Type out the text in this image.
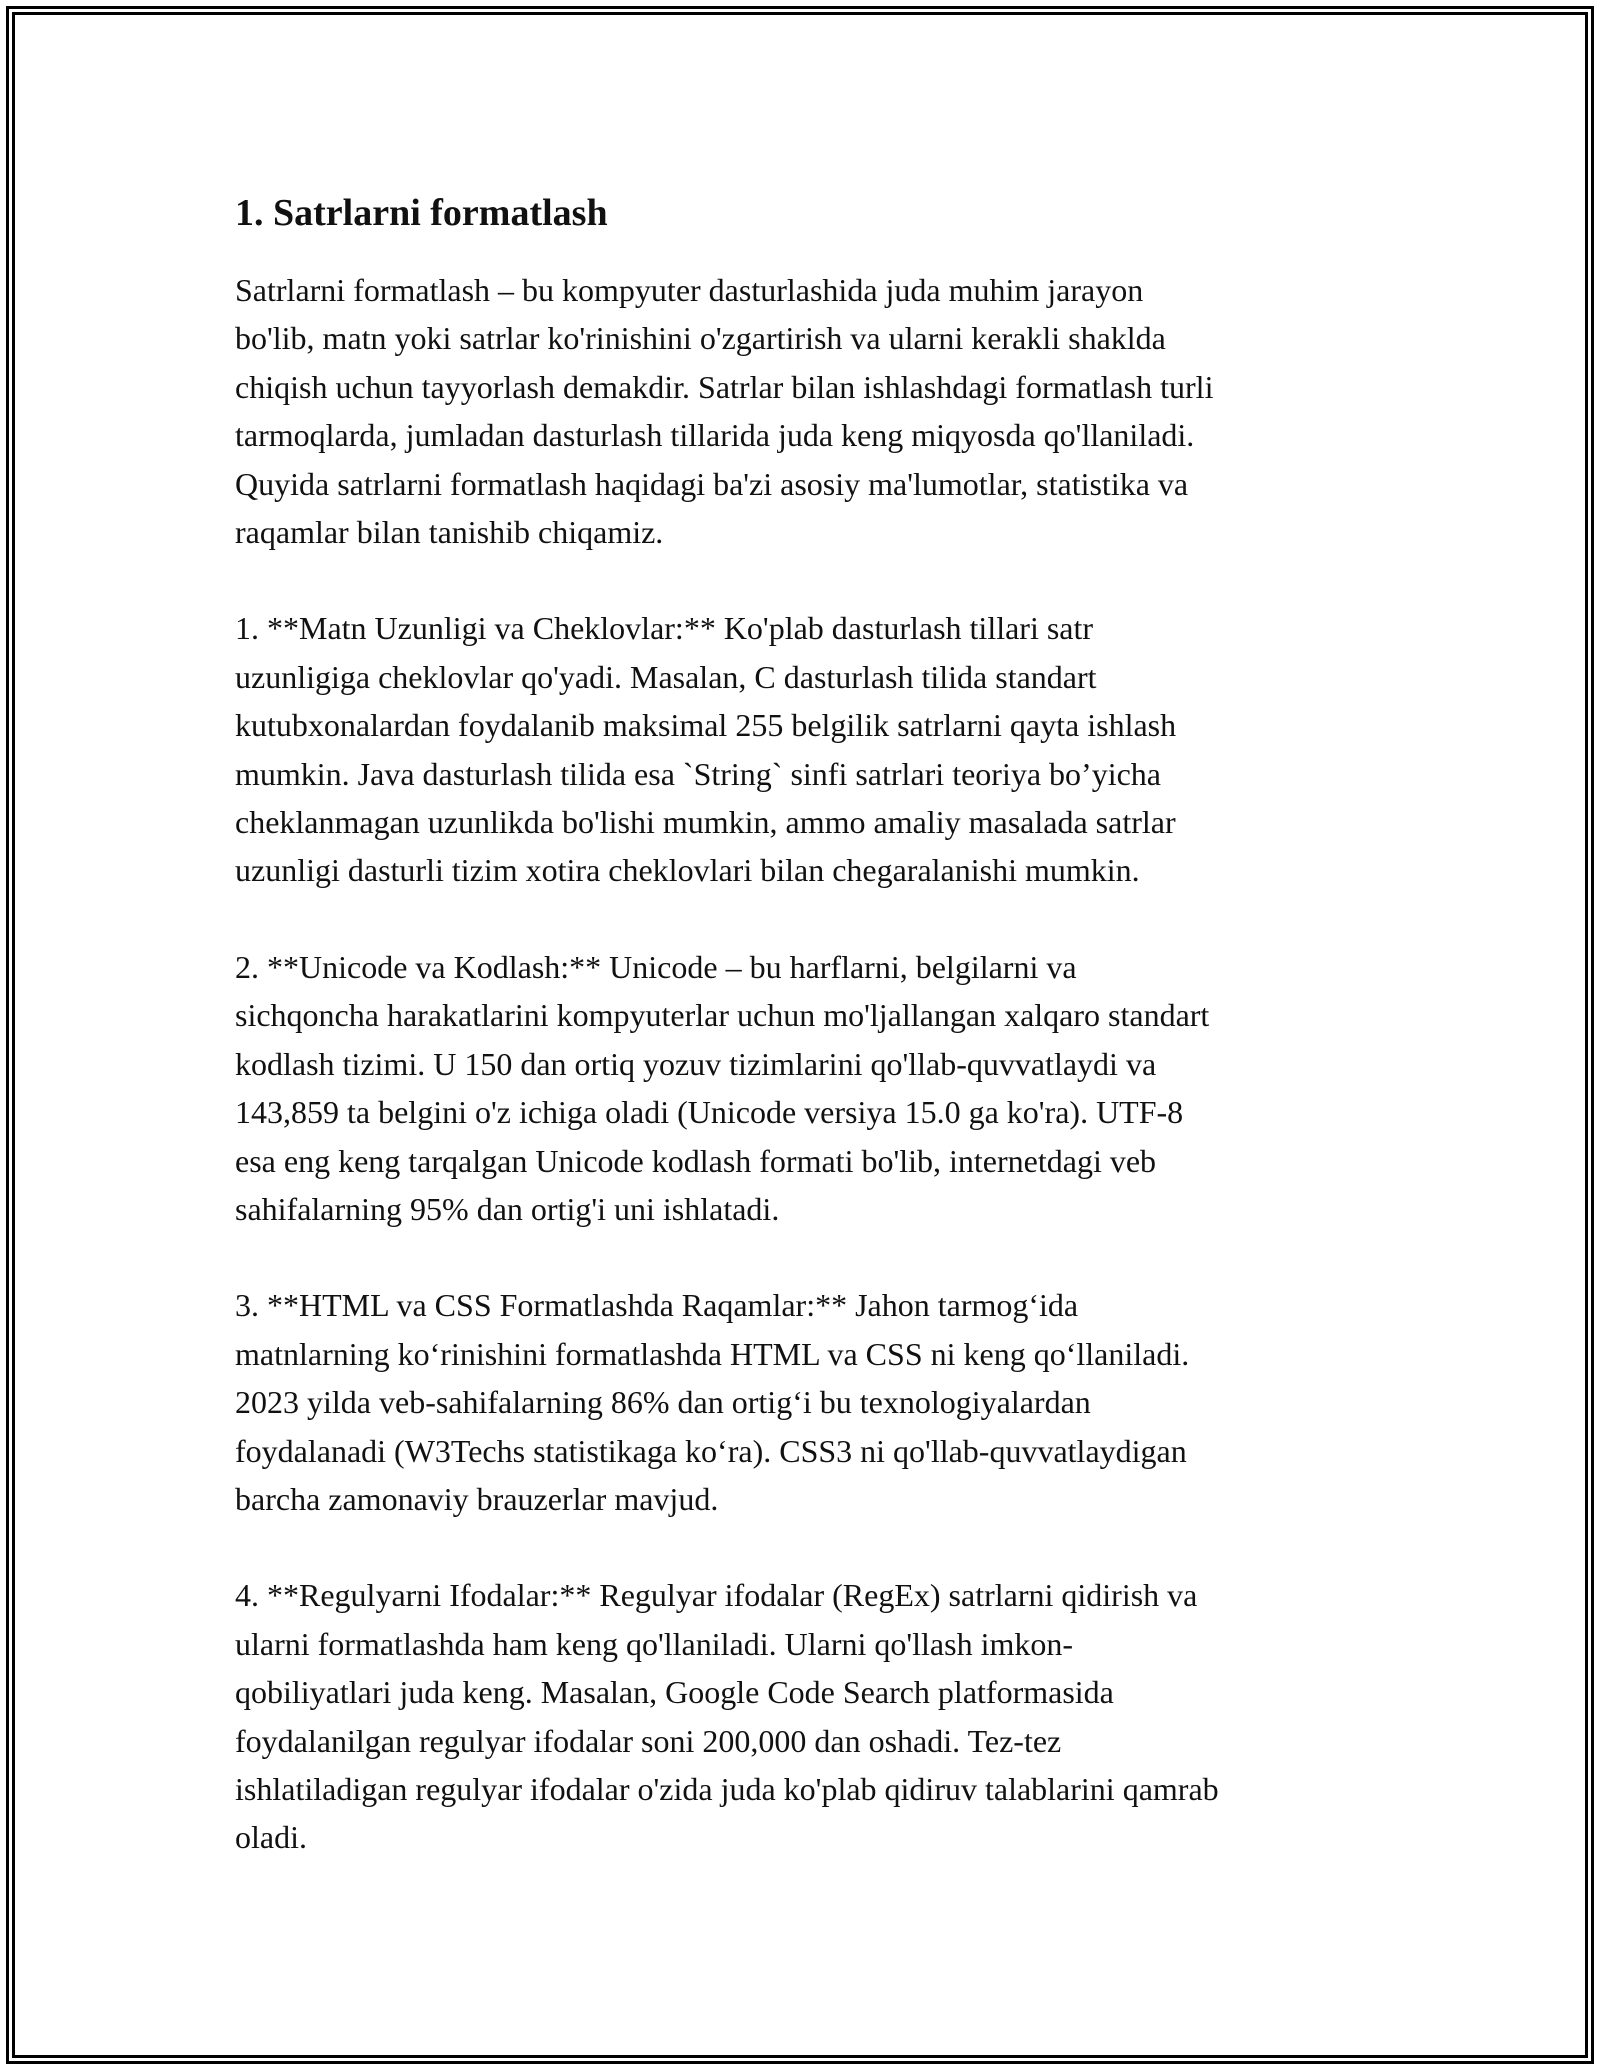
1. Satrlarni formatlash

Satrlarni formatlash – bu kompyuter dasturlashida juda muhim jarayon
bo'lib, matn yoki satrlar ko'rinishini o'zgartirish va ularni kerakli shaklda
chiqish uchun tayyorlash demakdir. Satrlar bilan ishlashdagi formatlash turli
tarmoqlarda, jumladan dasturlash tillarida juda keng miqyosda qo'llaniladi.
Quyida satrlarni formatlash haqidagi ba'zi asosiy ma'lumotlar, statistika va
raqamlar bilan tanishib chiqamiz.

1. **Matn Uzunligi va Cheklovlar:** Ko'plab dasturlash tillari satr
uzunligiga cheklovlar qo'yadi. Masalan, C dasturlash tilida standart
kutubxonalardan foydalanib maksimal 255 belgilik satrlarni qayta ishlash
mumkin. Java dasturlash tilida esa `String` sinfi satrlari teoriya bo’yicha
cheklanmagan uzunlikda bo'lishi mumkin, ammo amaliy masalada satrlar
uzunligi dasturli tizim xotira cheklovlari bilan chegaralanishi mumkin.

2. **Unicode va Kodlash:** Unicode – bu harflarni, belgilarni va
sichqoncha harakatlarini kompyuterlar uchun mo'ljallangan xalqaro standart
kodlash tizimi. U 150 dan ortiq yozuv tizimlarini qo'llab-quvvatlaydi va
143,859 ta belgini o'z ichiga oladi (Unicode versiya 15.0 ga ko'ra). UTF-8
esa eng keng tarqalgan Unicode kodlash formati bo'lib, internetdagi veb
sahifalarning 95% dan ortig'i uni ishlatadi.

3. **HTML va CSS Formatlashda Raqamlar:** Jahon tarmog‘ida
matnlarning ko‘rinishini formatlashda HTML va CSS ni keng qo‘llaniladi.
2023 yilda veb-sahifalarning 86% dan ortig‘i bu texnologiyalardan
foydalanadi (W3Techs statistikaga ko‘ra). CSS3 ni qo'llab-quvvatlaydigan
barcha zamonaviy brauzerlar mavjud.

4. **Regulyarni Ifodalar:** Regulyar ifodalar (RegEx) satrlarni qidirish va
ularni formatlashda ham keng qo'llaniladi. Ularni qo'llash imkon-
qobiliyatlari juda keng. Masalan, Google Code Search platformasida
foydalanilgan regulyar ifodalar soni 200,000 dan oshadi. Tez-tez
ishlatiladigan regulyar ifodalar o'zida juda ko'plab qidiruv talablarini qamrab
oladi.
